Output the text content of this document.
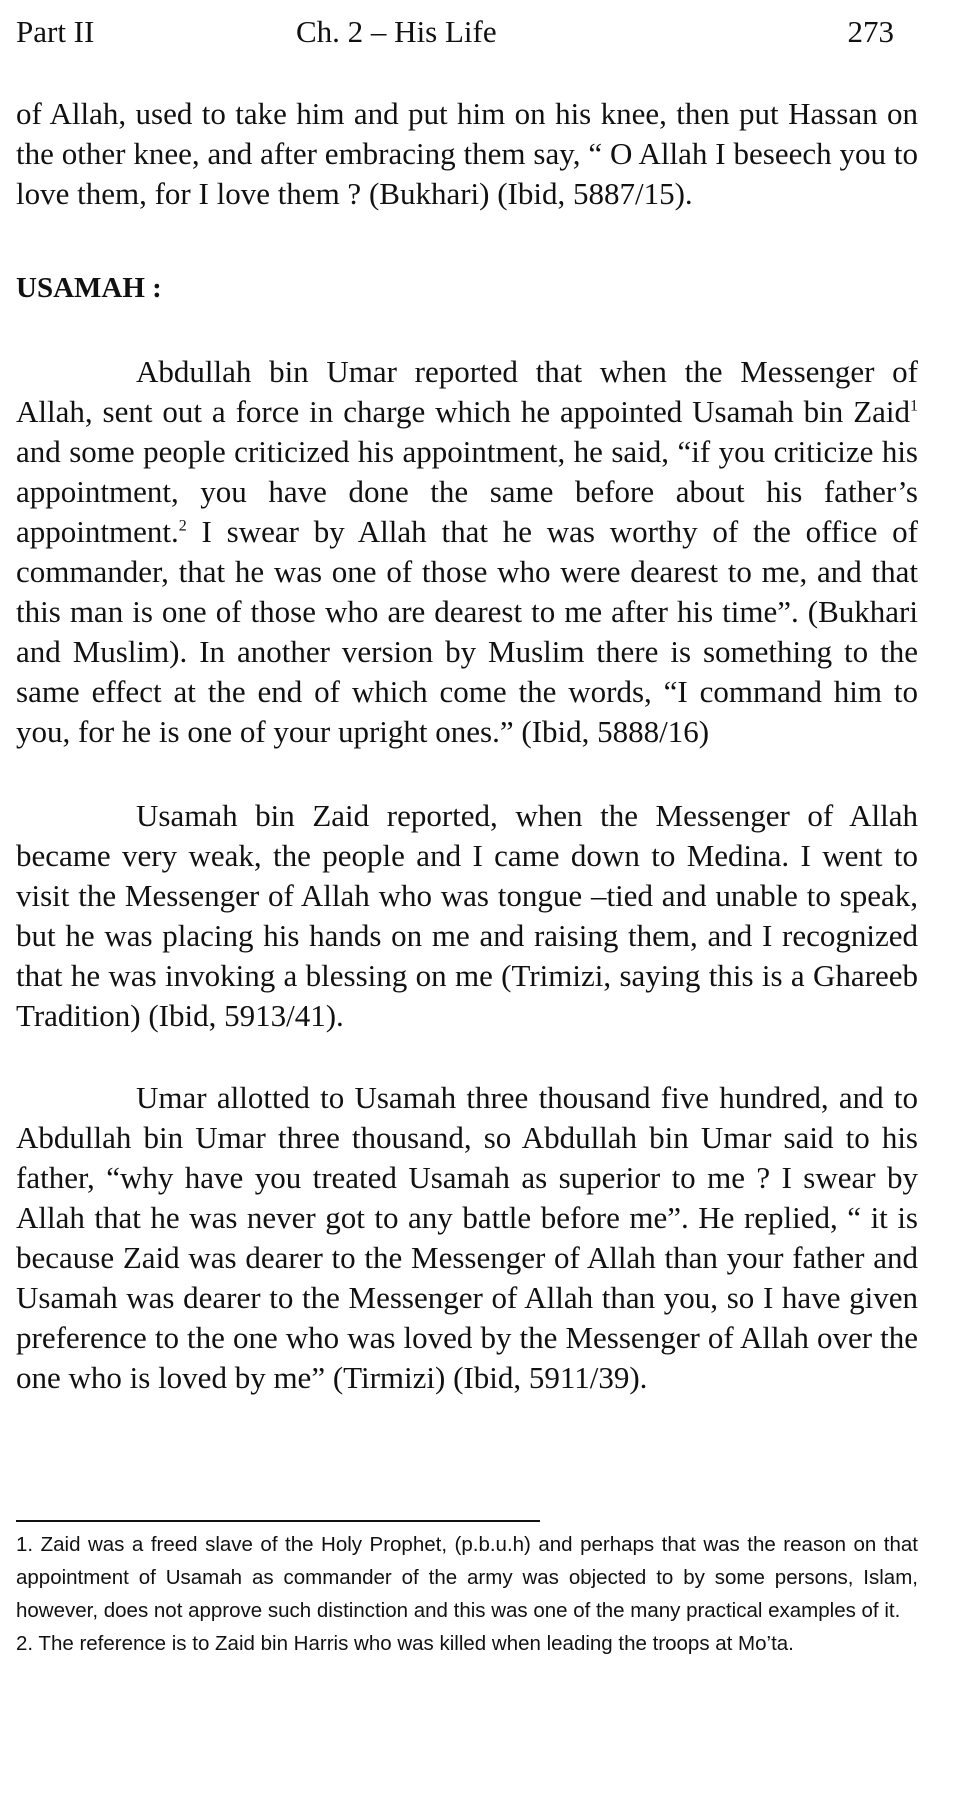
Part II	Ch. 2 – His Life	273

of Allah, used to take him and put him on his knee, then put Hassan on the other knee, and after embracing them say, “ O Allah I beseech you to love them, for I love them ? (Bukhari) (Ibid, 5887/15).

USAMAH :

Abdullah bin Umar reported that when the Messenger of Allah, sent out a force in charge which he appointed Usamah bin Zaid$^1$ and some people criticized his appointment, he said, “if you criticize his appointment, you have done the same before about his father’s appointment.$^2$ I swear by Allah that he was worthy of the office of commander, that he was one of those who were dearest to me, and that this man is one of those who are dearest to me after his time”. (Bukhari and Muslim). In another version by Muslim there is something to the same effect at the end of which come the words, “I command him to you, for he is one of your upright ones.” (Ibid, 5888/16)

Usamah bin Zaid reported, when the Messenger of Allah became very weak, the people and I came down to Medina. I went to visit the Messenger of Allah who was tongue –tied and unable to speak, but he was placing his hands on me and raising them, and I recognized that he was invoking a blessing on me (Trimizi, saying this is a Ghareeb Tradition) (Ibid, 5913/41).

Umar allotted to Usamah three thousand five hundred, and to Abdullah bin Umar three thousand, so Abdullah bin Umar said to his father, “why have you treated Usamah as superior to me ? I swear by Allah that he was never got to any battle before me”. He replied, “ it is because Zaid was dearer to the Messenger of Allah than your father and Usamah was dearer to the Messenger of Allah than you, so I have given preference to the one who was loved by the Messenger of Allah over the one who is loved by me” (Tirmizi) (Ibid, 5911/39).

1. Zaid was a freed slave of the Holy Prophet, (p.b.u.h) and perhaps that was the reason on that appointment of Usamah as commander of the army was objected to by some persons, Islam, however, does not approve such distinction and this was one of the many practical examples of it.

2. The reference is to Zaid bin Harris who was killed when leading the troops at Mo’ta.
